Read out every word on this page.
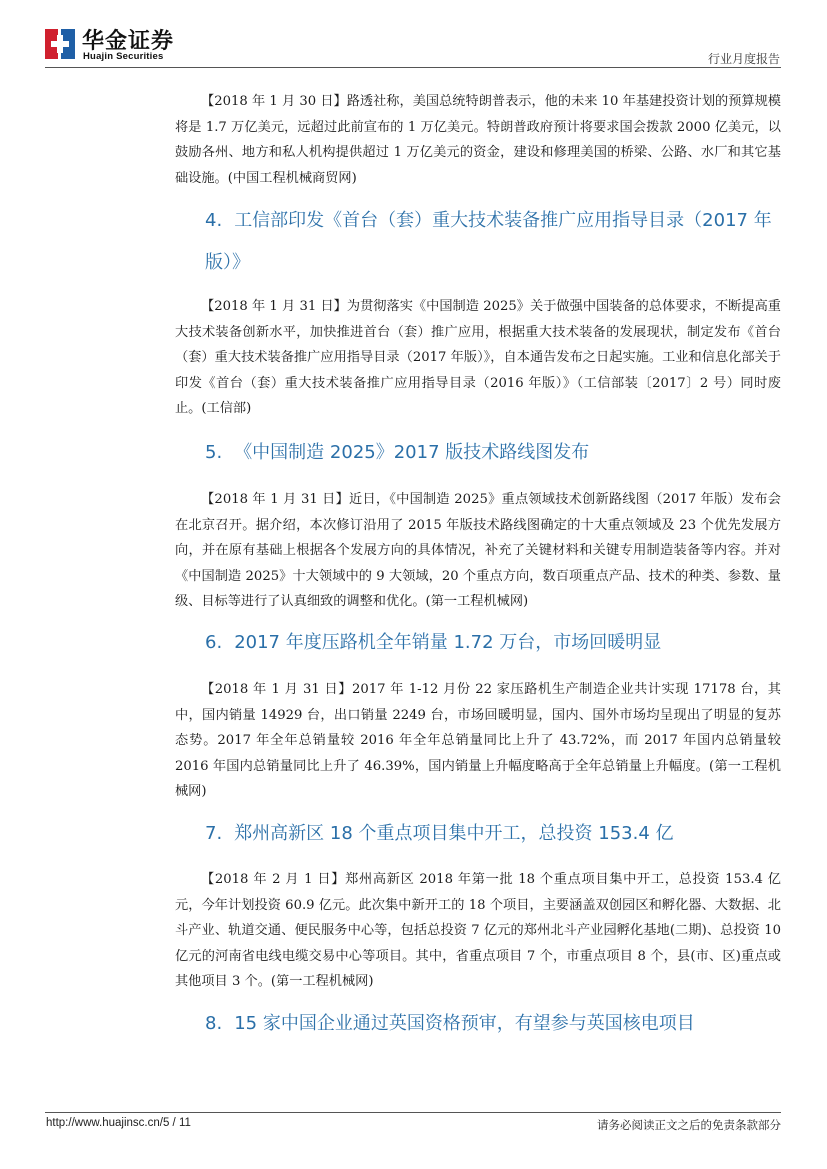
华金证券
Huajin Securities	行业月度报告

【2018 年 1 月 30 日】路透社称，美国总统特朗普表示，他的未来 10 年基建投资计划的预算规模将是 1.7 万亿美元，远超过此前宣布的 1 万亿美元。特朗普政府预计将要求国会拨款 2000 亿美元，以鼓励各州、地方和私人机构提供超过 1 万亿美元的资金，建设和修理美国的桥梁、公路、水厂和其它基础设施。(中国工程机械商贸网)

4. 工信部印发《首台（套）重大技术装备推广应用指导目录（2017 年版）》

【2018 年 1 月 31 日】为贯彻落实《中国制造 2025》关于做强中国装备的总体要求，不断提高重大技术装备创新水平，加快推进首台（套）推广应用，根据重大技术装备的发展现状，制定发布《首台（套）重大技术装备推广应用指导目录（2017 年版）》，自本通告发布之日起实施。工业和信息化部关于印发《首台（套）重大技术装备推广应用指导目录（2016 年版）》（工信部装〔2017〕2 号）同时废止。(工信部)

5. 《中国制造 2025》2017 版技术路线图发布

【2018 年 1 月 31 日】近日，《中国制造 2025》重点领域技术创新路线图（2017 年版）发布会在北京召开。据介绍，本次修订沿用了 2015 年版技术路线图确定的十大重点领域及 23 个优先发展方向，并在原有基础上根据各个发展方向的具体情况，补充了关键材料和关键专用制造装备等内容。并对《中国制造 2025》十大领域中的 9 大领域，20 个重点方向，数百项重点产品、技术的种类、参数、量级、目标等进行了认真细致的调整和优化。(第一工程机械网)

6. 2017 年度压路机全年销量 1.72 万台，市场回暖明显

【2018 年 1 月 31 日】2017 年 1-12 月份 22 家压路机生产制造企业共计实现 17178 台，其中，国内销量 14929 台，出口销量 2249 台，市场回暖明显，国内、国外市场均呈现出了明显的复苏态势。2017 年全年总销量较 2016 年全年总销量同比上升了 43.72%，而 2017 年国内总销量较 2016 年国内总销量同比上升了 46.39%，国内销量上升幅度略高于全年总销量上升幅度。(第一工程机械网)

7. 郑州高新区 18 个重点项目集中开工，总投资 153.4 亿

【2018 年 2 月 1 日】郑州高新区 2018 年第一批 18 个重点项目集中开工，总投资 153.4 亿元，今年计划投资 60.9 亿元。此次集中新开工的 18 个项目，主要涵盖双创园区和孵化器、大数据、北斗产业、轨道交通、便民服务中心等，包括总投资 7 亿元的郑州北斗产业园孵化基地(二期)、总投资 10 亿元的河南省电线电缆交易中心等项目。其中，省重点项目 7 个，市重点项目 8 个，县(市、区)重点或其他项目 3 个。(第一工程机械网)

8. 15 家中国企业通过英国资格预审，有望参与英国核电项目
http://www.huajinsc.cn/5 / 11	请务必阅读正文之后的免责条款部分
